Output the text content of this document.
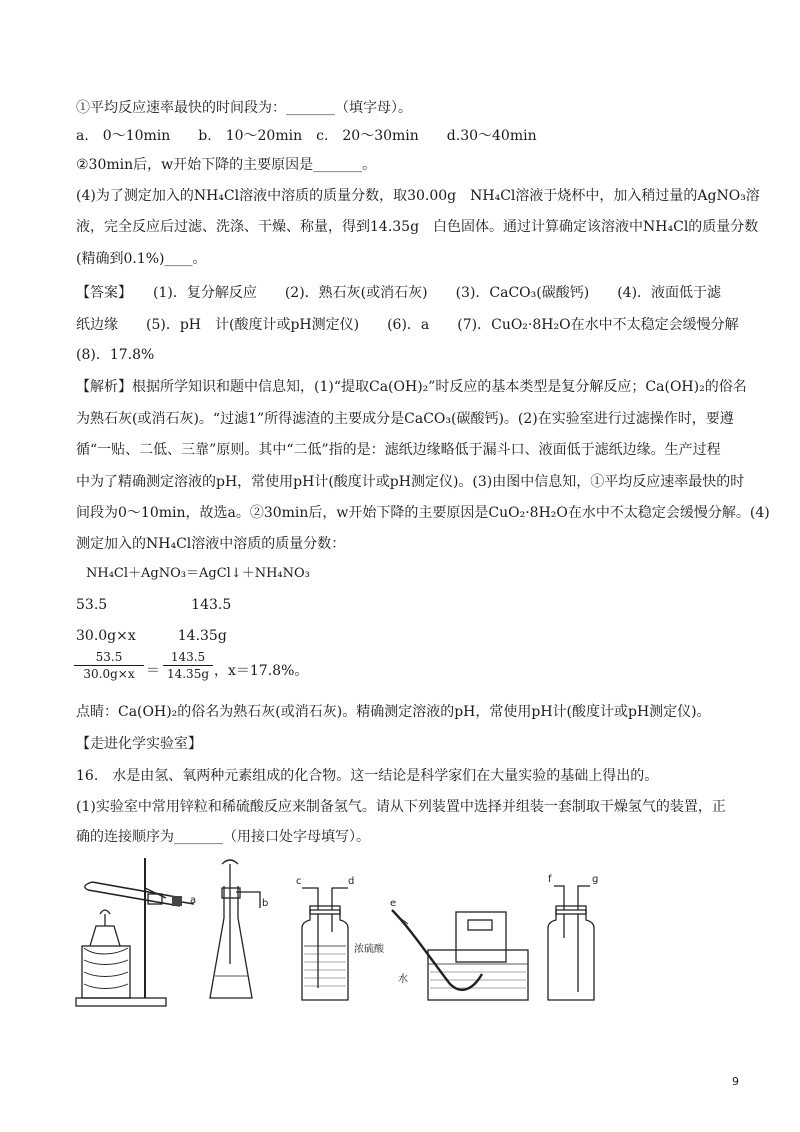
①平均反应速率最快的时间段为：_______（填字母）。
a.　0～10min　　b.　10～20min　c.　20～30min　　d.30～40min
②30min后，w开始下降的主要原因是_______。
(4)为了测定加入的NH₄Cl溶液中溶质的质量分数，取30.00g　NH₄Cl溶液于烧杯中，加入稍过量的AgNO₃溶
液，完全反应后过滤、洗涤、干燥、称量，得到14.35g　白色固体。通过计算确定该溶液中NH₄Cl的质量分数
(精确到0.1%)____。
【答案】　　(1)．复分解反应　　(2)．熟石灰(或消石灰)　　(3)．CaCO₃(碳酸钙)　　(4)．液面低于滤
纸边缘　　(5)．pH　计(酸度计或pH测定仪)　　(6)．a　　(7)．CuO₂·8H₂O在水中不太稳定会缓慢分解
(8)．17.8%
【解析】根据所学知识和题中信息知，(1)“提取Ca(OH)₂”时反应的基本类型是复分解反应；Ca(OH)₂的俗名
为熟石灰(或消石灰)。“过滤1”所得滤渣的主要成分是CaCO₃(碳酸钙)。(2)在实验室进行过滤操作时，要遵
循“一贴、二低、三靠”原则。其中“二低”指的是：滤纸边缘略低于漏斗口、液面低于滤纸边缘。生产过程
中为了精确测定溶液的pH，常使用pH计(酸度计或pH测定仪)。(3)由图中信息知，①平均反应速率最快的时
间段为0～10min，故选a。②30min后，w开始下降的主要原因是CuO₂·8H₂O在水中不太稳定会缓慢分解。(4)
测定加入的NH₄Cl溶液中溶质的质量分数：
NH₄Cl＋AgNO₃＝AgCl↓＋NH₄NO₃
53.5　　　　　　143.5
30.0g×x　　　14.35g
53.5
30.0g×x ＝
143.5
14.35g ，x＝17.8%。
点睛：Ca(OH)₂的俗名为熟石灰(或消石灰)。精确测定溶液的pH，常使用pH计(酸度计或pH测定仪)。
【走进化学实验室】
16.　水是由氢、氧两种元素组成的化合物。这一结论是科学家们在大量实验的基础上得出的。
(1)实验室中常用锌粒和稀硫酸反应来制备氢气。请从下列装置中选择并组装一套制取干燥氢气的装置，正
确的连接顺序为_______（用接口处字母填写）。
a	b
c	d
浓硫酸
e
水
f	g
9
